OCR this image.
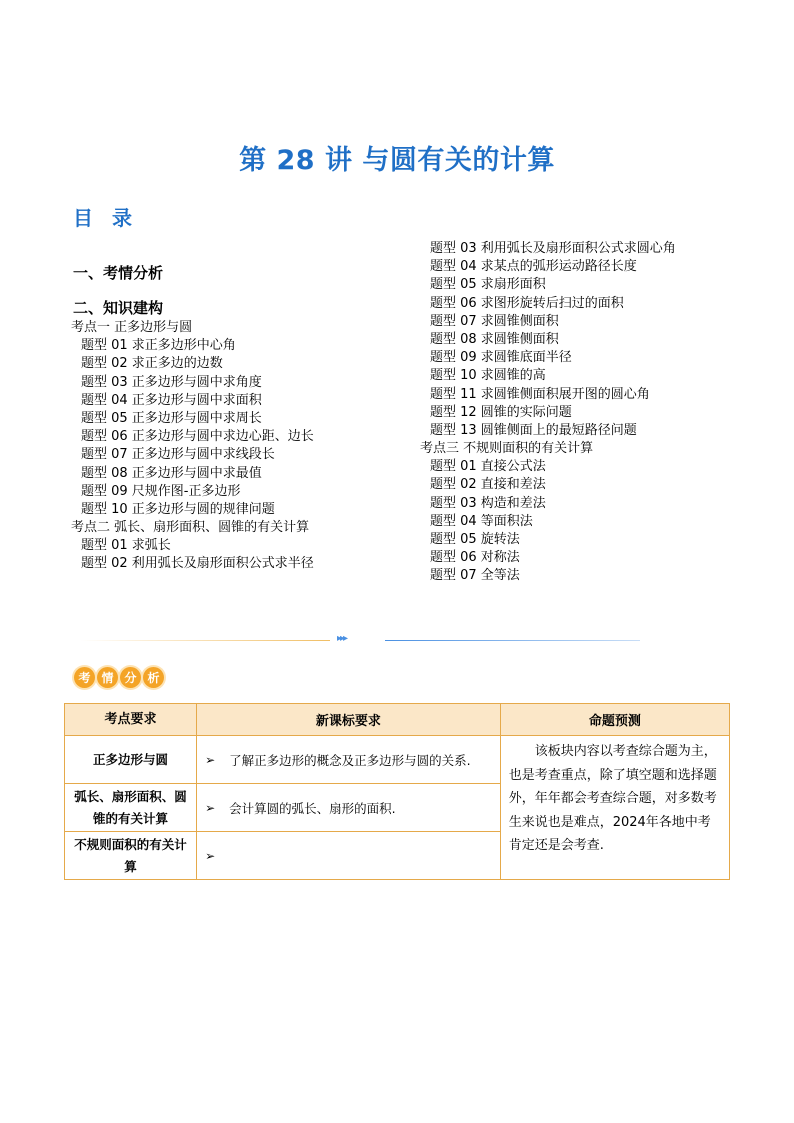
第 28 讲 与圆有关的计算
目 录
一、考情分析
二、知识建构
考点一 正多边形与圆
题型 01 求正多边形中心角
题型 02 求正多边的边数
题型 03 正多边形与圆中求角度
题型 04 正多边形与圆中求面积
题型 05 正多边形与圆中求周长
题型 06 正多边形与圆中求边心距、边长
题型 07 正多边形与圆中求线段长
题型 08 正多边形与圆中求最值
题型 09 尺规作图-正多边形
题型 10 正多边形与圆的规律问题
考点二 弧长、扇形面积、圆锥的有关计算
题型 01 求弧长
题型 02 利用弧长及扇形面积公式求半径
题型 03 利用弧长及扇形面积公式求圆心角
题型 04 求某点的弧形运动路径长度
题型 05 求扇形面积
题型 06 求图形旋转后扫过的面积
题型 07 求圆锥侧面积
题型 08 求圆锥侧面积
题型 09 求圆锥底面半径
题型 10 求圆锥的高
题型 11 求圆锥侧面积展开图的圆心角
题型 12 圆锥的实际问题
题型 13 圆锥侧面上的最短路径问题
考点三 不规则面积的有关计算
题型 01 直接公式法
题型 02 直接和差法
题型 03 构造和差法
题型 04 等面积法
题型 05 旋转法
题型 06 对称法
题型 07 全等法
▸▸▸
考 情 分 析
考点要求	新课标要求	命题预测
正多边形与圆	➢ 了解正多边形的概念及正多边形与圆的关系.	该板块内容以考查综合题为主，也是考查重点，除了填空题和选择题外，年年都会考查综合题，对多数考生来说也是难点，2024年各地中考肯定还是会考查.
弧长、扇形面积、圆锥的有关计算	➢ 会计算圆的弧长、扇形的面积.	

不规则面积的有关计算	➢	
